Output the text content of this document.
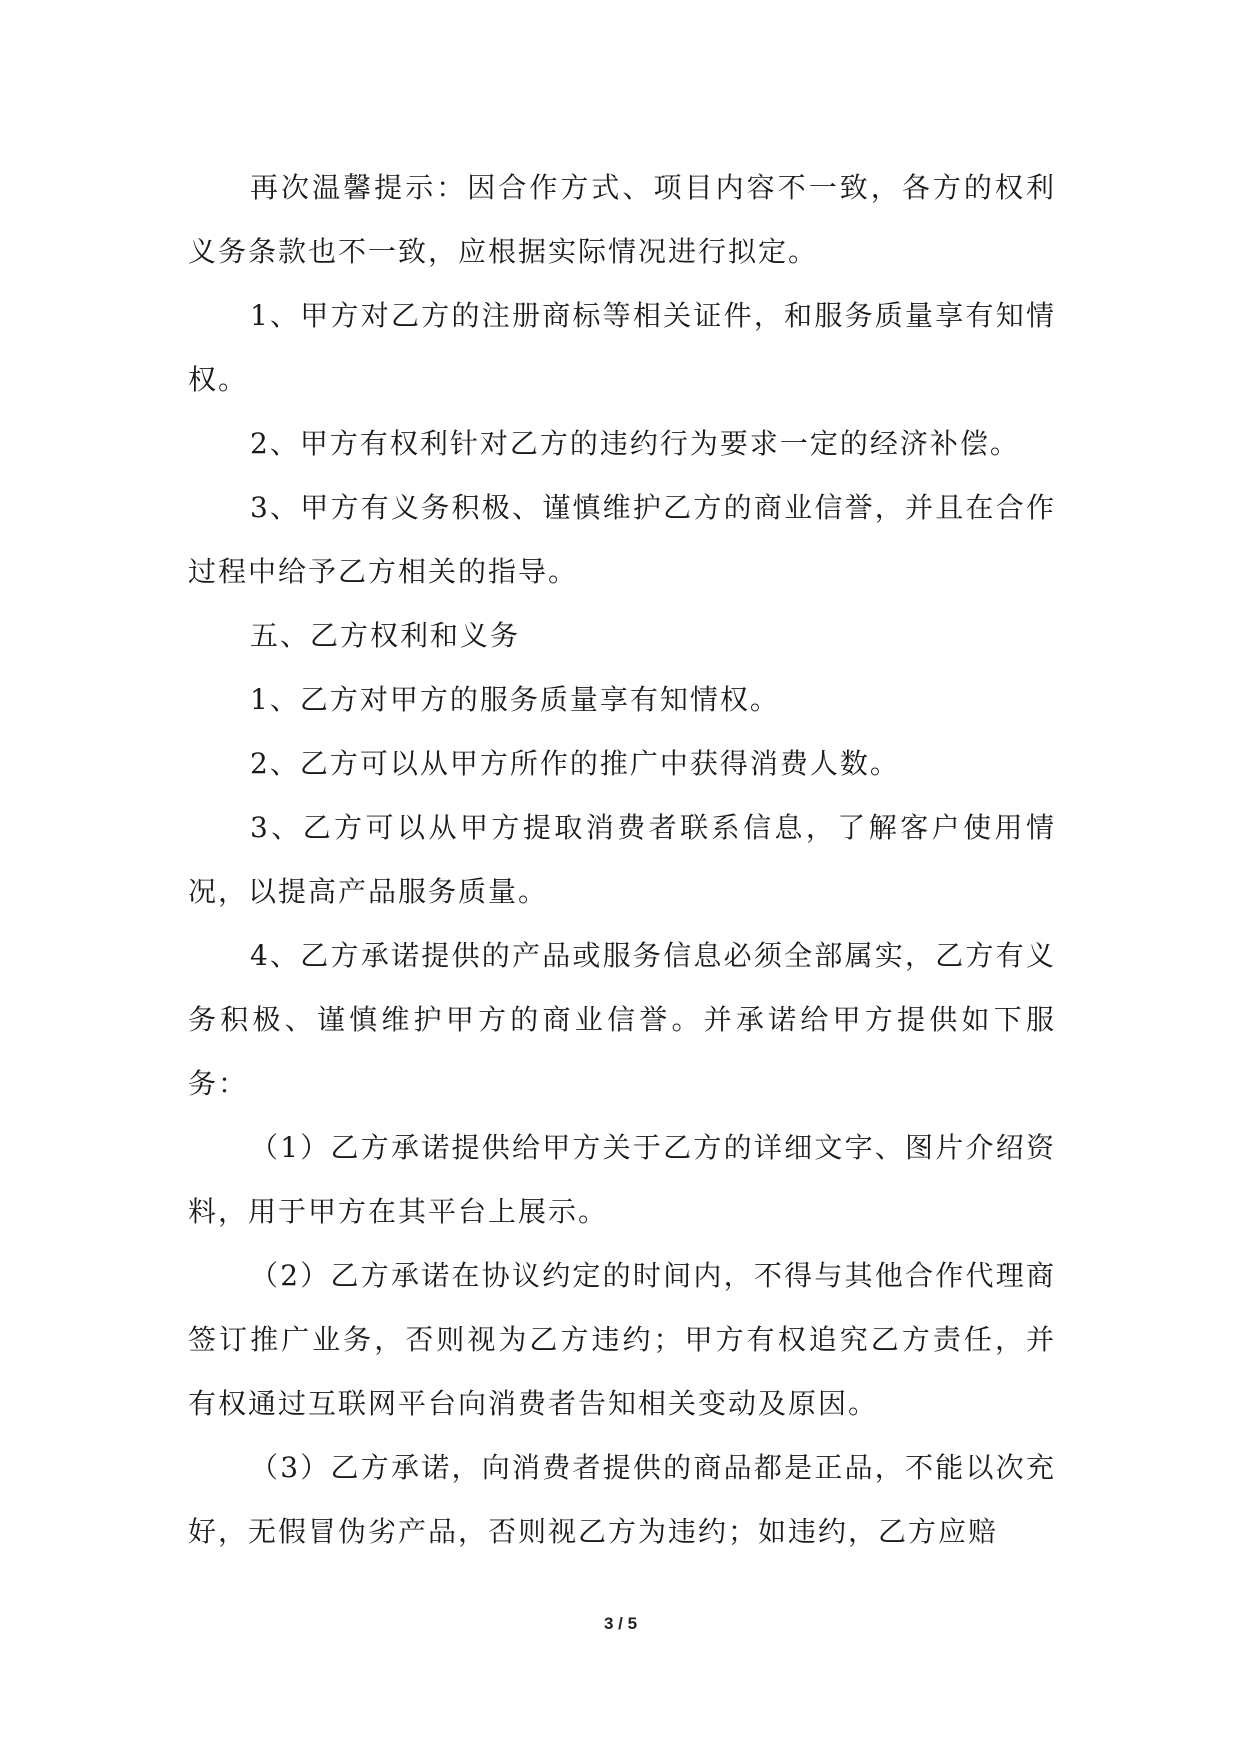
再次温馨提示：因合作方式、项目内容不一致，各方的权利义务条款也不一致，应根据实际情况进行拟定。

1、甲方对乙方的注册商标等相关证件，和服务质量享有知情权。

2、甲方有权利针对乙方的违约行为要求一定的经济补偿。

3、甲方有义务积极、谨慎维护乙方的商业信誉，并且在合作过程中给予乙方相关的指导。

五、乙方权利和义务

1、乙方对甲方的服务质量享有知情权。

2、乙方可以从甲方所作的推广中获得消费人数。

3、乙方可以从甲方提取消费者联系信息，了解客户使用情况，以提高产品服务质量。

4、乙方承诺提供的产品或服务信息必须全部属实，乙方有义务积极、谨慎维护甲方的商业信誉。并承诺给甲方提供如下服务：

（1）乙方承诺提供给甲方关于乙方的详细文字、图片介绍资料，用于甲方在其平台上展示。

（2）乙方承诺在协议约定的时间内，不得与其他合作代理商签订推广业务，否则视为乙方违约；甲方有权追究乙方责任，并有权通过互联网平台向消费者告知相关变动及原因。

（3）乙方承诺，向消费者提供的商品都是正品，不能以次充好，无假冒伪劣产品，否则视乙方为违约；如违约，乙方应赔

3 / 5
